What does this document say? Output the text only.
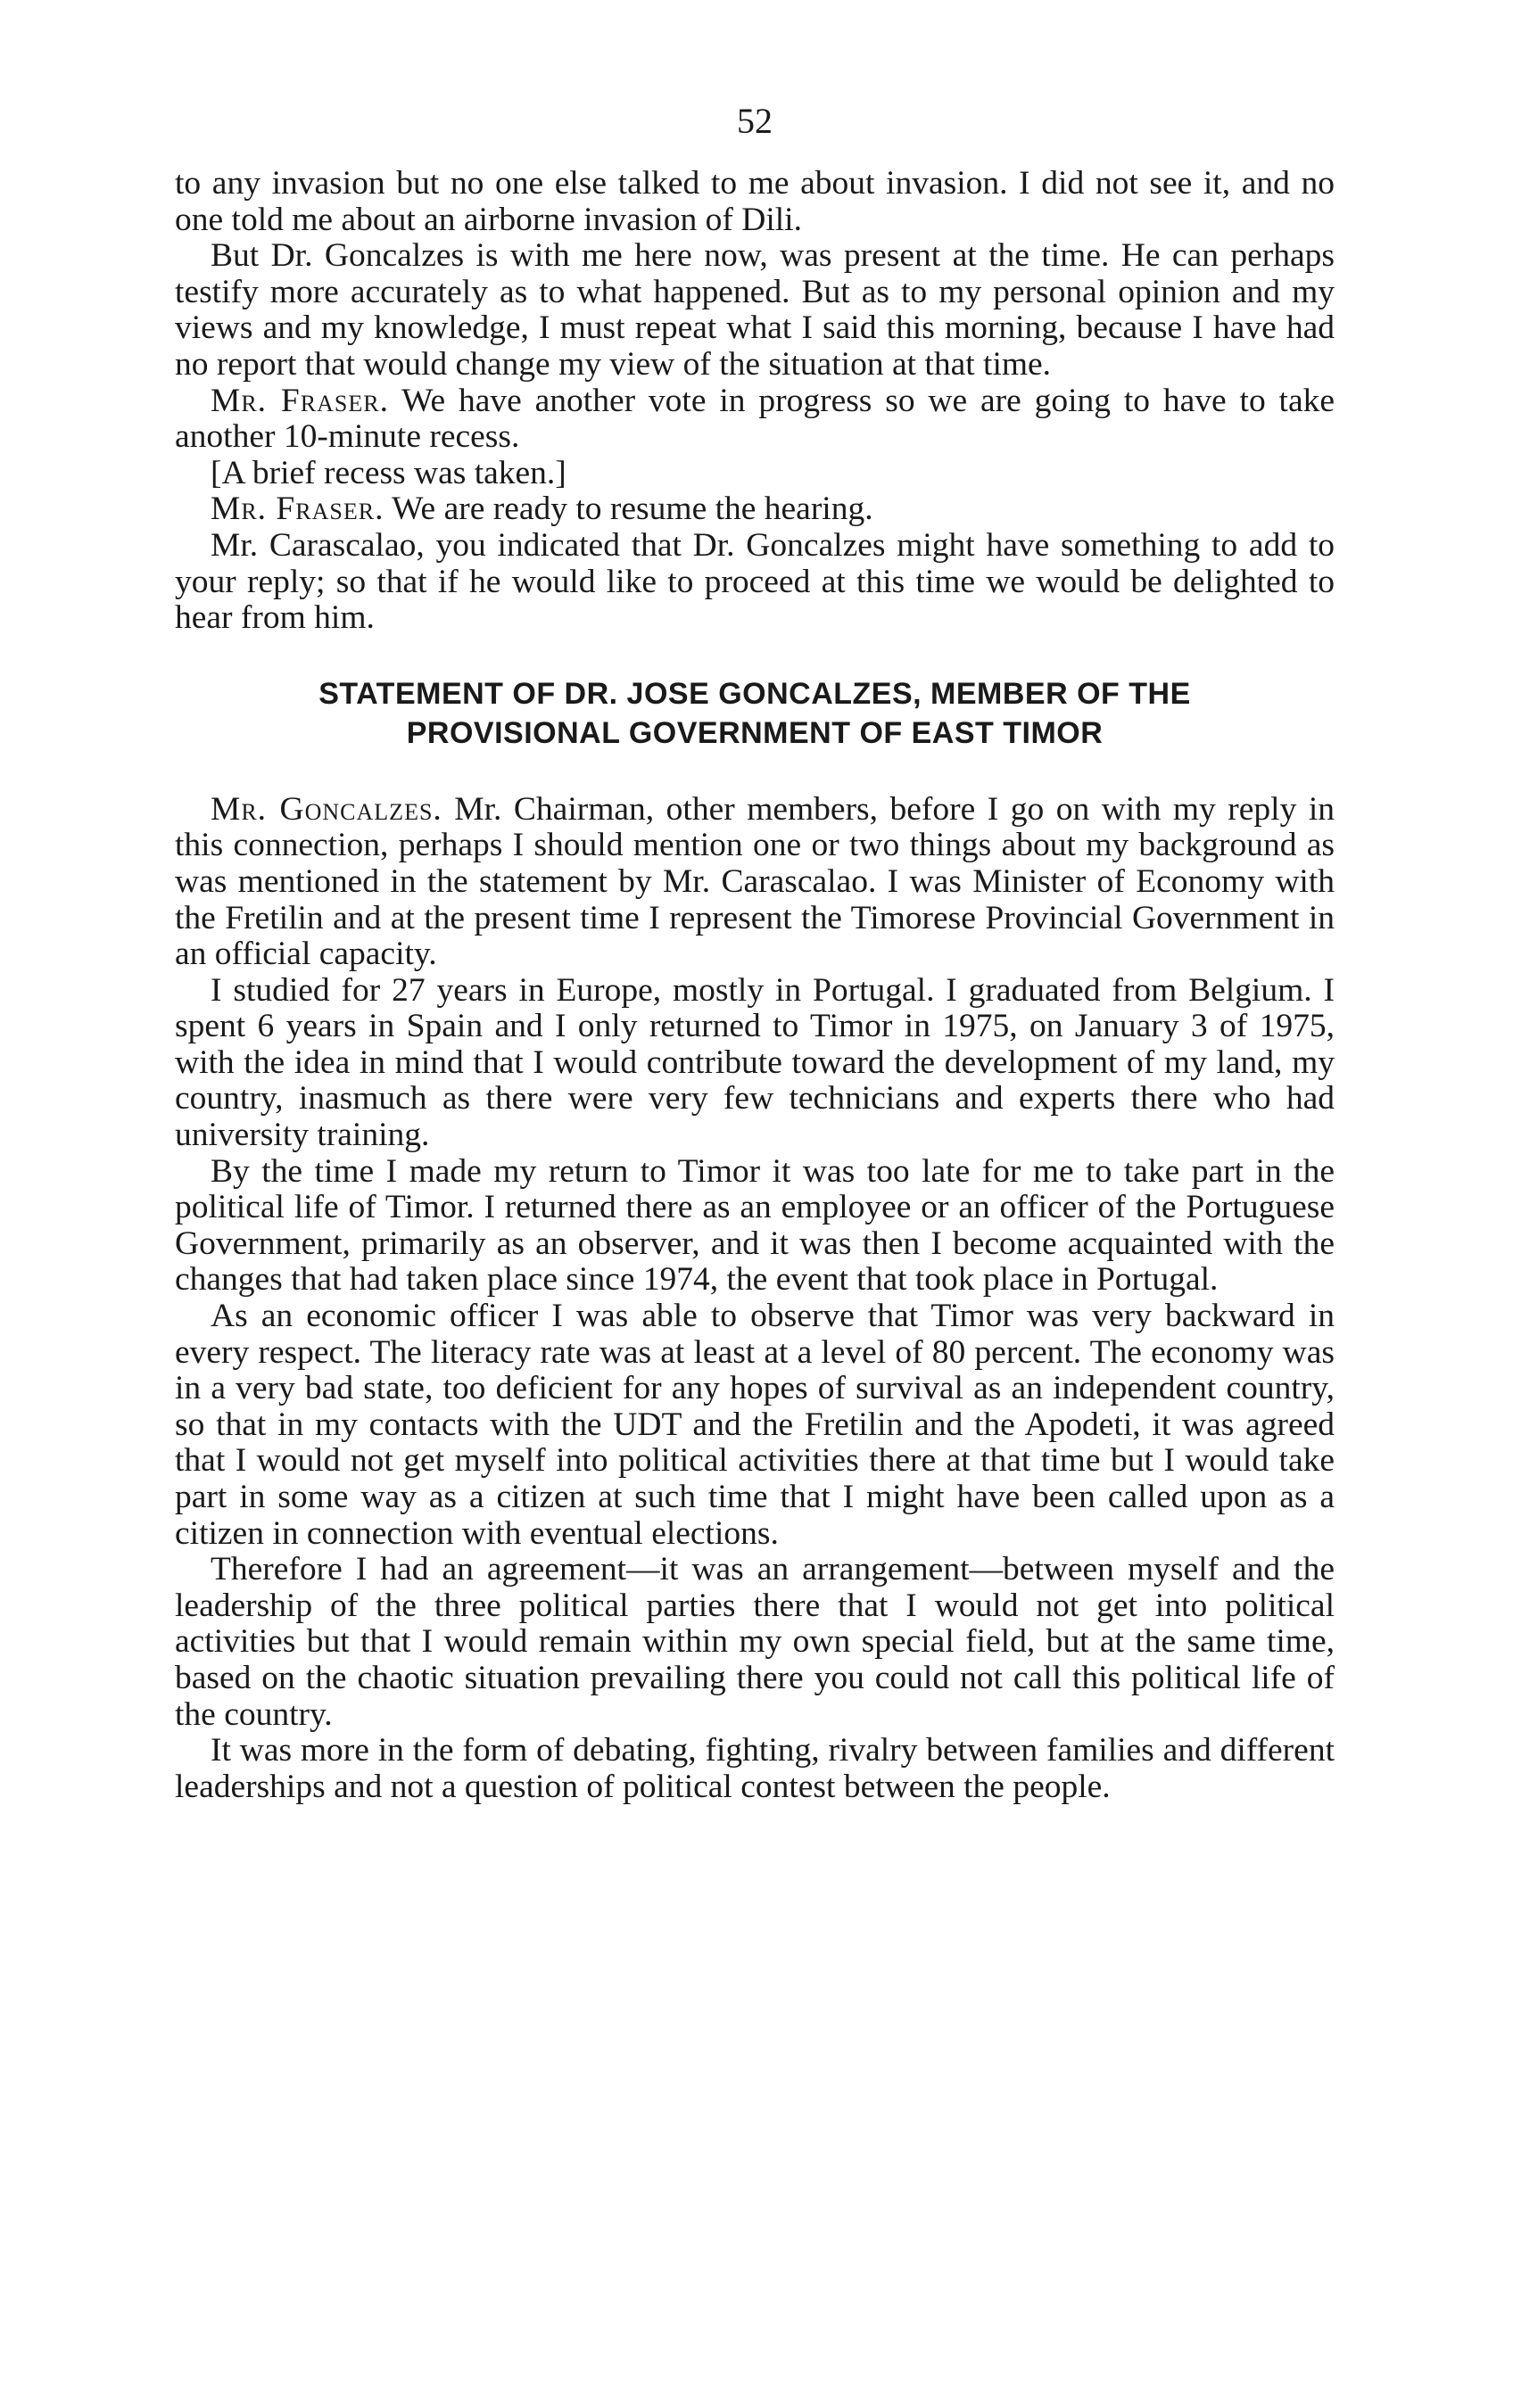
52

to any invasion but no one else talked to me about invasion. I did not see it, and no one told me about an airborne invasion of Dili.

But Dr. Goncalzes is with me here now, was present at the time. He can perhaps testify more accurately as to what happened. But as to my personal opinion and my views and my knowledge, I must repeat what I said this morning, because I have had no report that would change my view of the situation at that time.

Mr. Fraser. We have another vote in progress so we are going to have to take another 10-minute recess.

[A brief recess was taken.]

Mr. Fraser. We are ready to resume the hearing.

Mr. Carascalao, you indicated that Dr. Goncalzes might have something to add to your reply; so that if he would like to proceed at this time we would be delighted to hear from him.

STATEMENT OF DR. JOSE GONCALZES, MEMBER OF THE
PROVISIONAL GOVERNMENT OF EAST TIMOR

Mr. Goncalzes. Mr. Chairman, other members, before I go on with my reply in this connection, perhaps I should mention one or two things about my background as was mentioned in the statement by Mr. Carascalao. I was Minister of Economy with the Fretilin and at the present time I represent the Timorese Provincial Government in an official capacity.

I studied for 27 years in Europe, mostly in Portugal. I graduated from Belgium. I spent 6 years in Spain and I only returned to Timor in 1975, on January 3 of 1975, with the idea in mind that I would contribute toward the development of my land, my country, inasmuch as there were very few technicians and experts there who had university training.

By the time I made my return to Timor it was too late for me to take part in the political life of Timor. I returned there as an employee or an officer of the Portuguese Government, primarily as an observer, and it was then I become acquainted with the changes that had taken place since 1974, the event that took place in Portugal.

As an economic officer I was able to observe that Timor was very backward in every respect. The literacy rate was at least at a level of 80 percent. The economy was in a very bad state, too deficient for any hopes of survival as an independent country, so that in my contacts with the UDT and the Fretilin and the Apodeti, it was agreed that I would not get myself into political activities there at that time but I would take part in some way as a citizen at such time that I might have been called upon as a citizen in connection with eventual elections.

Therefore I had an agreement—it was an arrangement—between myself and the leadership of the three political parties there that I would not get into political activities but that I would remain within my own special field, but at the same time, based on the chaotic situation prevailing there you could not call this political life of the country.

It was more in the form of debating, fighting, rivalry between families and different leaderships and not a question of political contest between the people.
